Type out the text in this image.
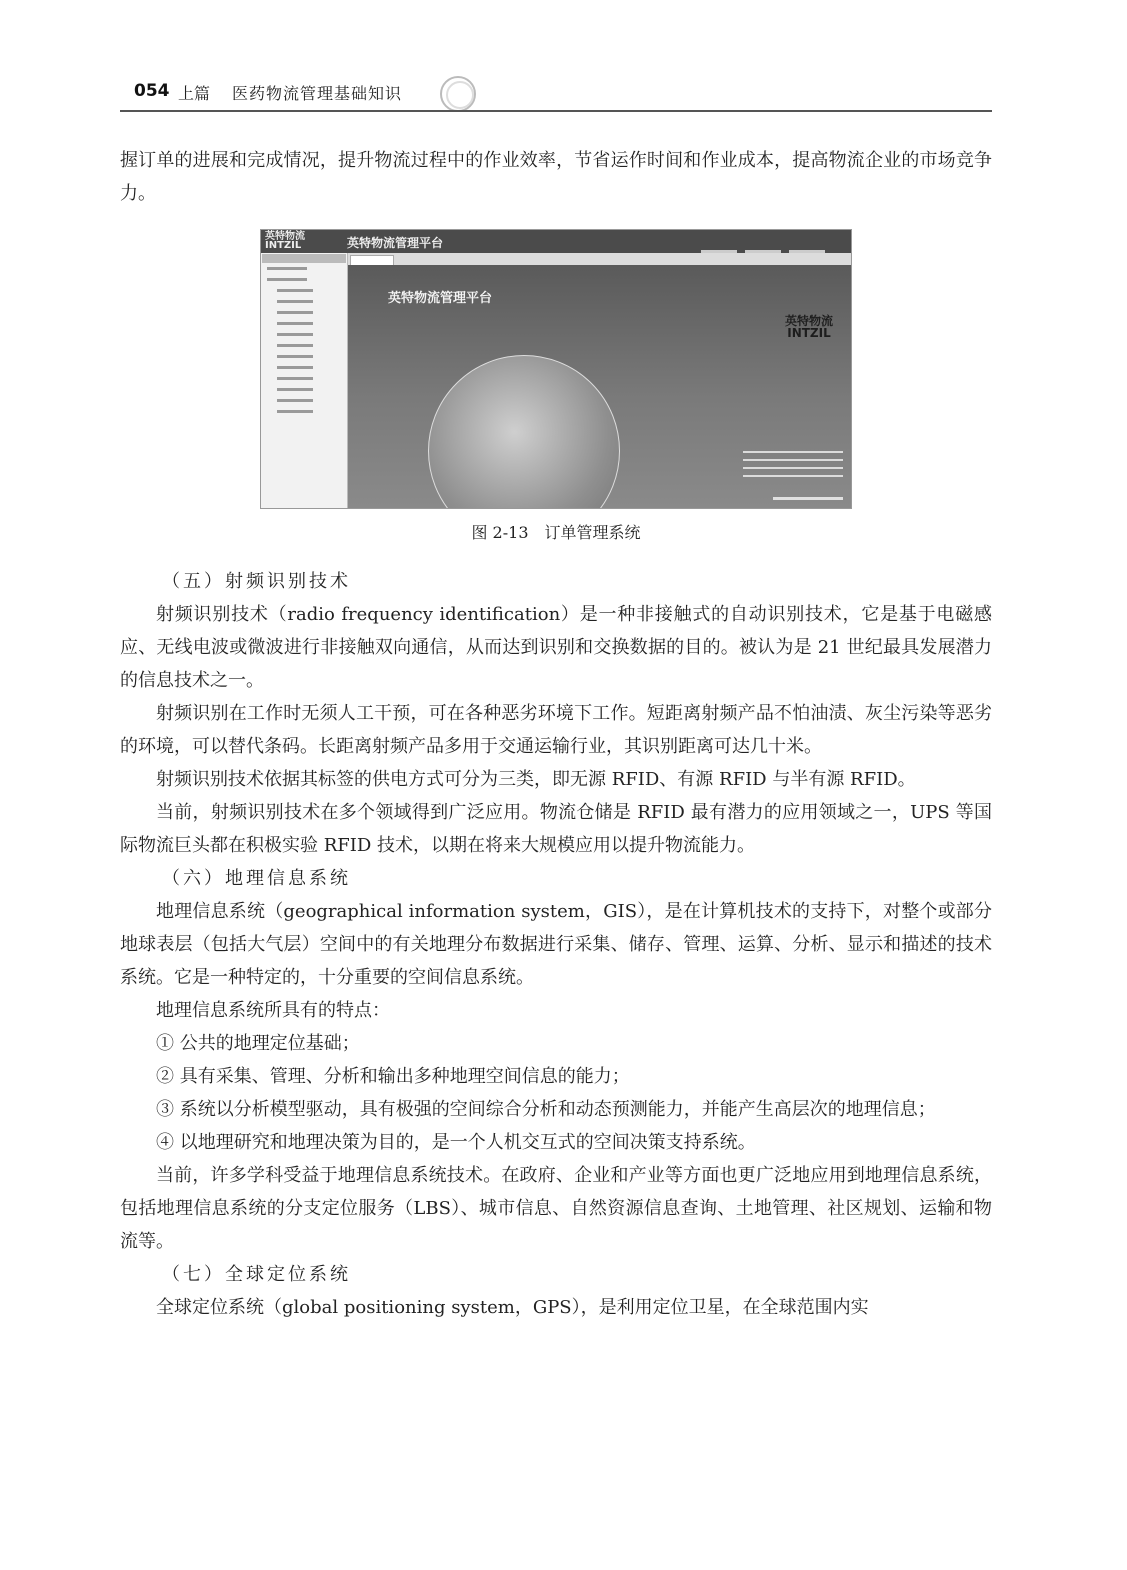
054 上篇 医药物流管理基础知识

握订单的进展和完成情况，提升物流过程中的作业效率，节省运作时间和作业成本，提高物流企业的市场竞争力。

英特物流
INTZIL	英特物流管理平台
英特物流管理平台
英特物流
INTZIL
图 2-13　订单管理系统

（五）射频识别技术

射频识别技术（radio frequency identification）是一种非接触式的自动识别技术，它是基于电磁感应、无线电波或微波进行非接触双向通信，从而达到识别和交换数据的目的。被认为是 21 世纪最具发展潜力的信息技术之一。

射频识别在工作时无须人工干预，可在各种恶劣环境下工作。短距离射频产品不怕油渍、灰尘污染等恶劣的环境，可以替代条码。长距离射频产品多用于交通运输行业，其识别距离可达几十米。

射频识别技术依据其标签的供电方式可分为三类，即无源 RFID、有源 RFID 与半有源 RFID。

当前，射频识别技术在多个领域得到广泛应用。物流仓储是 RFID 最有潜力的应用领域之一，UPS 等国际物流巨头都在积极实验 RFID 技术，以期在将来大规模应用以提升物流能力。

（六）地理信息系统

地理信息系统（geographical information system，GIS），是在计算机技术的支持下，对整个或部分地球表层（包括大气层）空间中的有关地理分布数据进行采集、储存、管理、运算、分析、显示和描述的技术系统。它是一种特定的，十分重要的空间信息系统。

地理信息系统所具有的特点：

① 公共的地理定位基础；

② 具有采集、管理、分析和输出多种地理空间信息的能力；

③ 系统以分析模型驱动，具有极强的空间综合分析和动态预测能力，并能产生高层次的地理信息；

④ 以地理研究和地理决策为目的，是一个人机交互式的空间决策支持系统。

当前，许多学科受益于地理信息系统技术。在政府、企业和产业等方面也更广泛地应用到地理信息系统，包括地理信息系统的分支定位服务（LBS）、城市信息、自然资源信息查询、土地管理、社区规划、运输和物流等。

（七）全球定位系统

全球定位系统（global positioning system，GPS），是利用定位卫星，在全球范围内实
